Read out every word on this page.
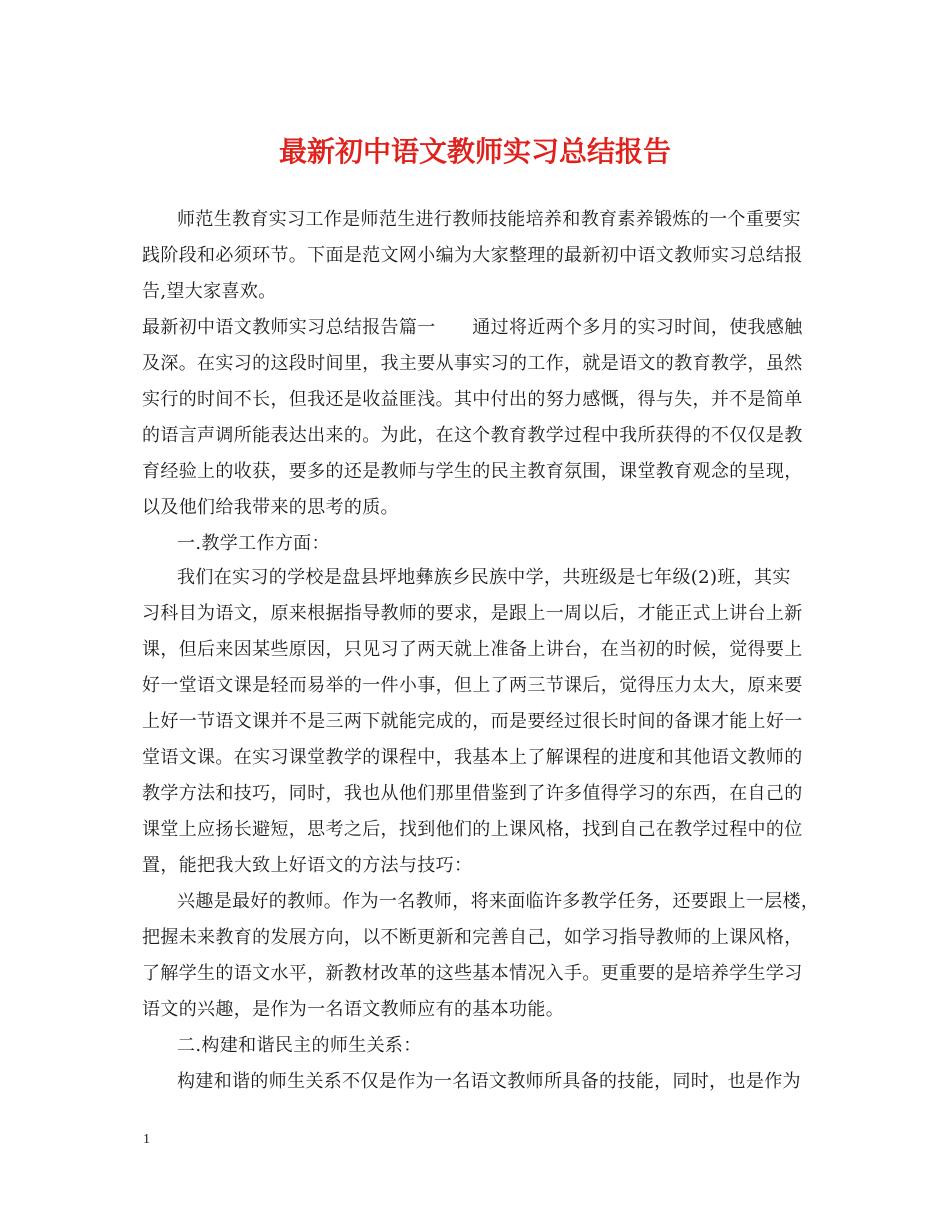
最新初中语文教师实习总结报告
师范生教育实习工作是师范生进行教师技能培养和教育素养锻炼的一个重要实
践阶段和必须环节。下面是范文网小编为大家整理的最新初中语文教师实习总结报
告,望大家喜欢。
最新初中语文教师实习总结报告篇一　　通过将近两个多月的实习时间，使我感触
及深。在实习的这段时间里，我主要从事实习的工作，就是语文的教育教学，虽然
实行的时间不长，但我还是收益匪浅。其中付出的努力感慨，得与失，并不是简单
的语言声调所能表达出来的。为此，在这个教育教学过程中我所获得的不仅仅是教
育经验上的收获，要多的还是教师与学生的民主教育氛围，课堂教育观念的呈现，
以及他们给我带来的思考的质。
一.教学工作方面：
我们在实习的学校是盘县坪地彝族乡民族中学，共班级是七年级(2)班，其实
习科目为语文，原来根据指导教师的要求，是跟上一周以后，才能正式上讲台上新
课，但后来因某些原因，只见习了两天就上准备上讲台，在当初的时候，觉得要上
好一堂语文课是轻而易举的一件小事，但上了两三节课后，觉得压力太大，原来要
上好一节语文课并不是三两下就能完成的，而是要经过很长时间的备课才能上好一
堂语文课。在实习课堂教学的课程中，我基本上了解课程的进度和其他语文教师的
教学方法和技巧，同时，我也从他们那里借鉴到了许多值得学习的东西，在自己的
课堂上应扬长避短，思考之后，找到他们的上课风格，找到自己在教学过程中的位
置，能把我大致上好语文的方法与技巧：
兴趣是最好的教师。作为一名教师，将来面临许多教学任务，还要跟上一层楼，
把握未来教育的发展方向，以不断更新和完善自己，如学习指导教师的上课风格，
了解学生的语文水平，新教材改革的这些基本情况入手。更重要的是培养学生学习
语文的兴趣，是作为一名语文教师应有的基本功能。
二.构建和谐民主的师生关系：
构建和谐的师生关系不仅是作为一名语文教师所具备的技能，同时，也是作为
1
